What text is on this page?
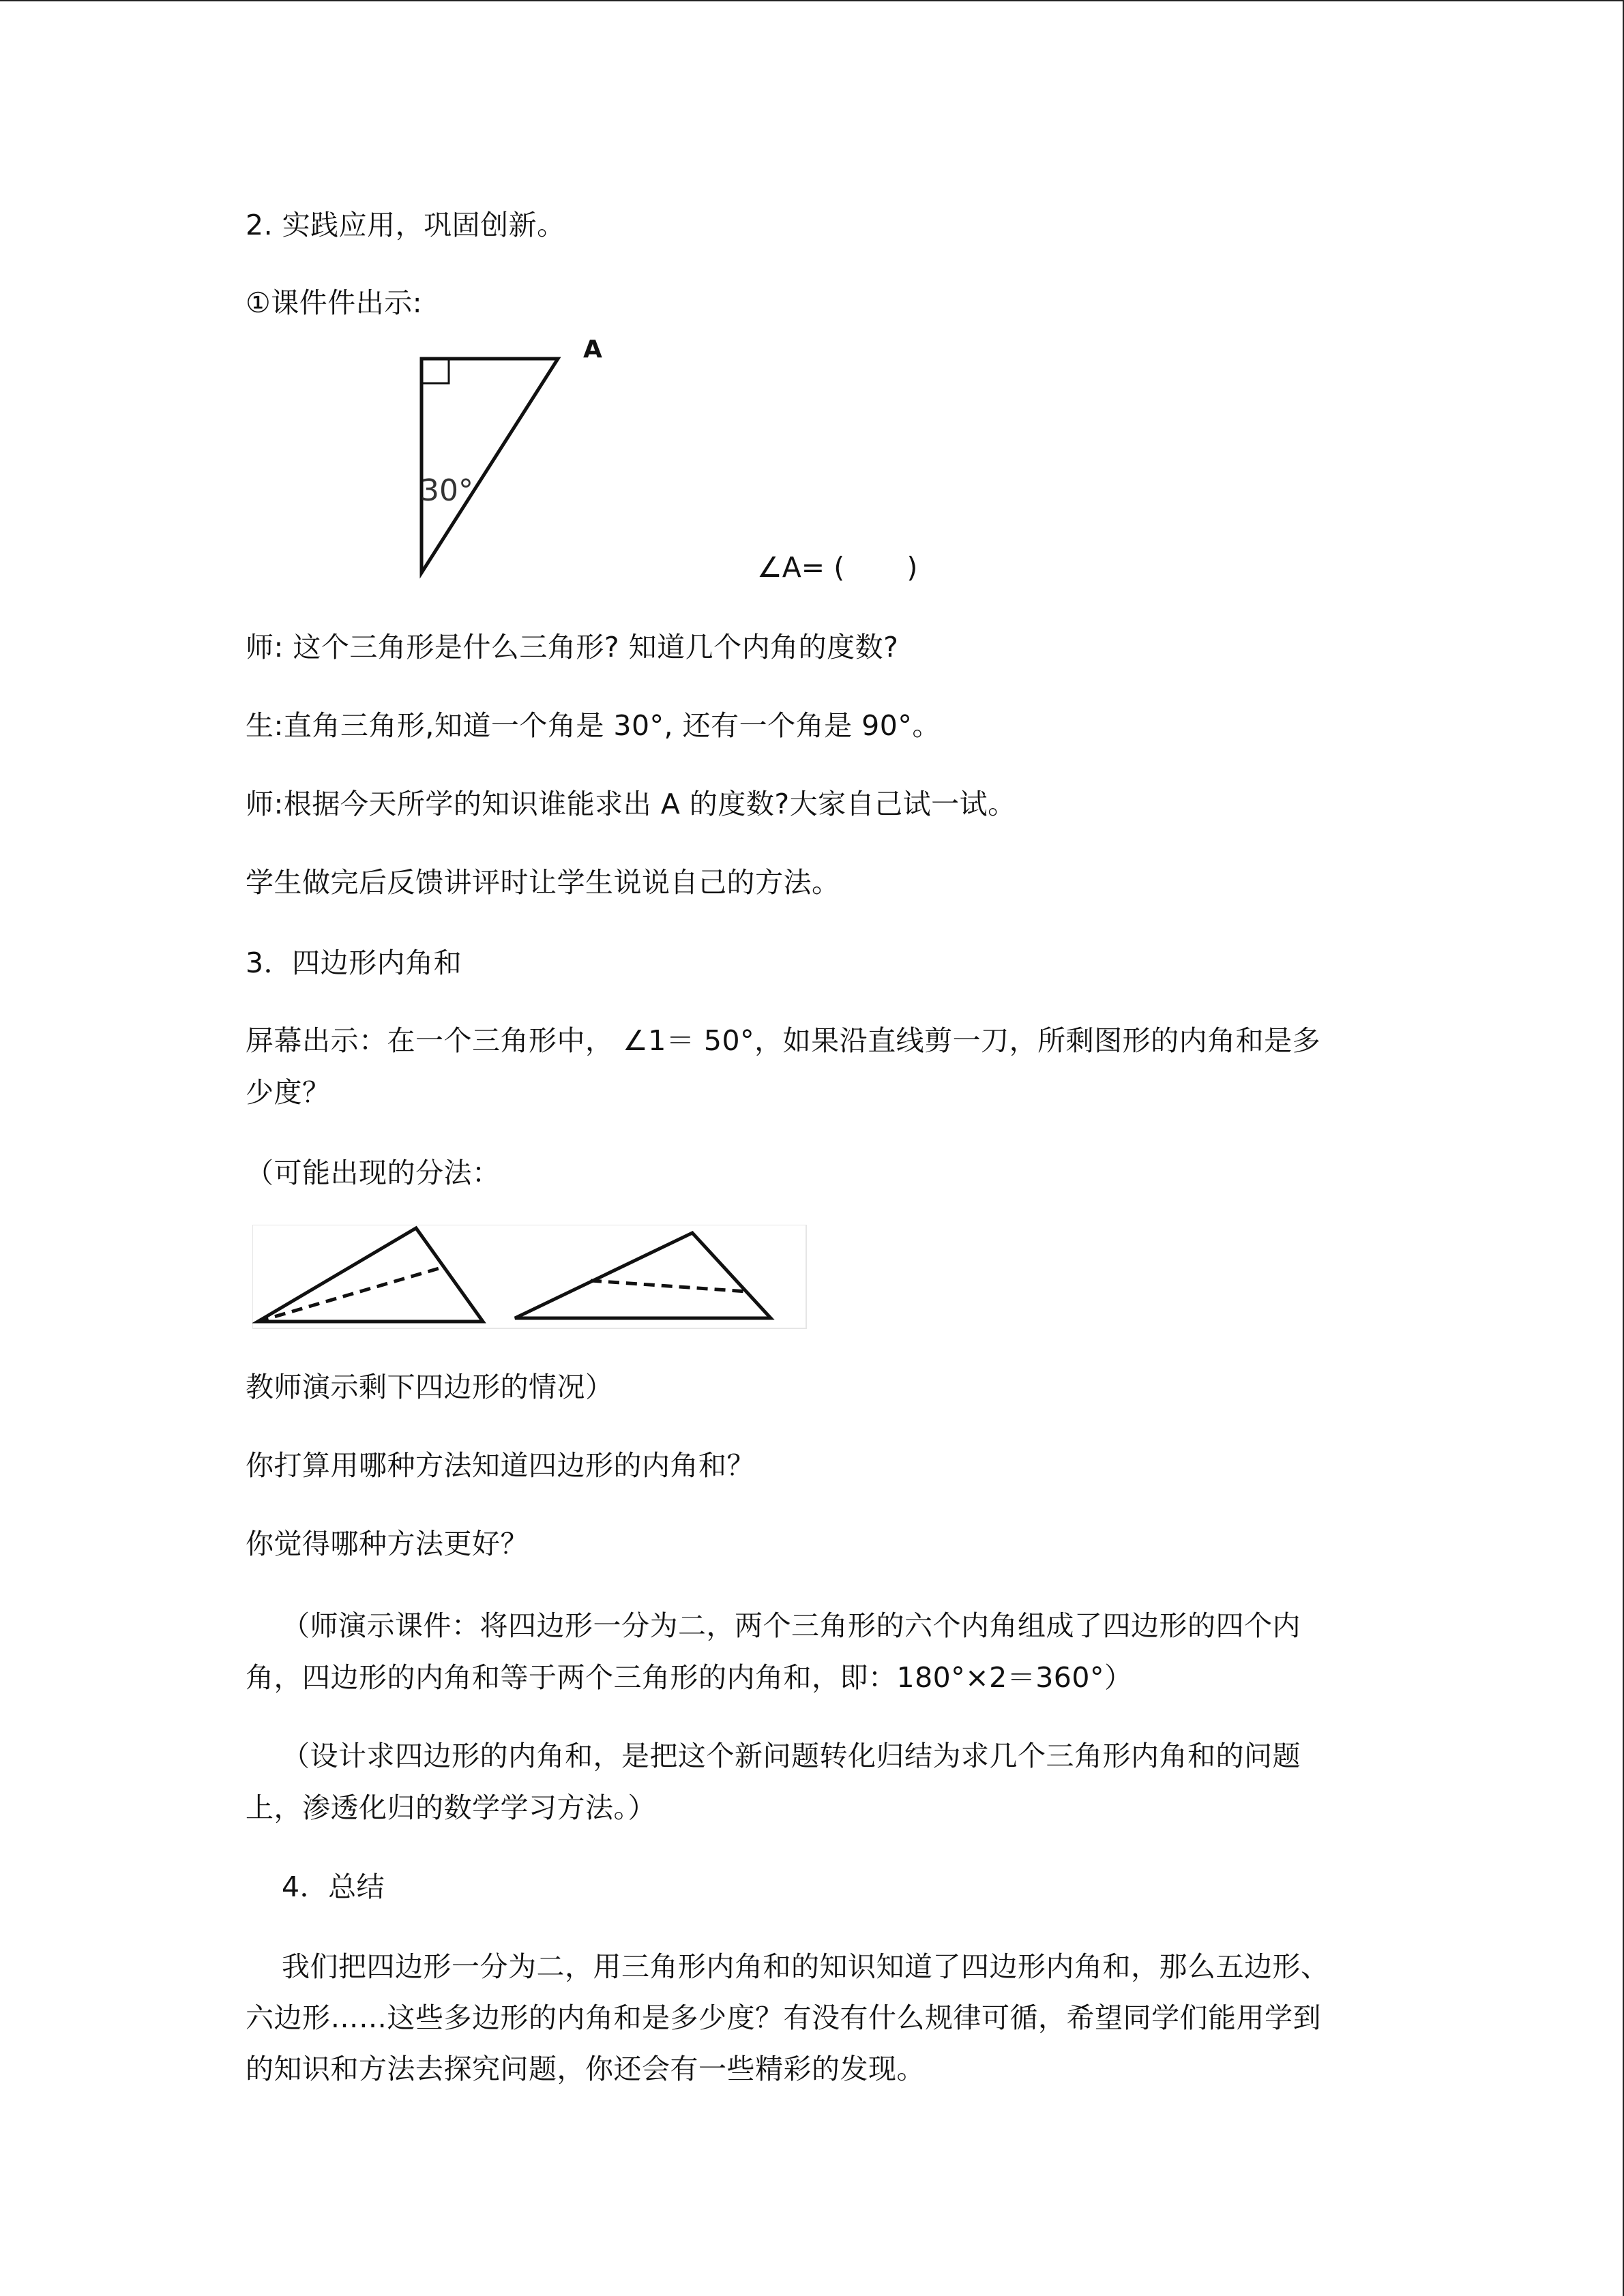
2. 实践应用，巩固创新。
①课件件出示:
A
30°
∠A= (       )
师: 这个三角形是什么三角形? 知道几个内角的度数?
生:直角三角形,知道一个角是 30°, 还有一个角是 90°。
师:根据今天所学的知识谁能求出 A 的度数?大家自己试一试。
学生做完后反馈讲评时让学生说说自己的方法。
3．四边形内角和
屏幕出示：在一个三角形中， ∠1＝ 50°，如果沿直线剪一刀，所剩图形的内角和是多
少度？
（可能出现的分法：
教师演示剩下四边形的情况）
你打算用哪种方法知道四边形的内角和？
你觉得哪种方法更好？
（师演示课件：将四边形一分为二，两个三角形的六个内角组成了四边形的四个内
角，四边形的内角和等于两个三角形的内角和，即：180°×2＝360°）
（设计求四边形的内角和，是把这个新问题转化归结为求几个三角形内角和的问题
上，渗透化归的数学学习方法。）
4．总结
我们把四边形一分为二，用三角形内角和的知识知道了四边形内角和，那么五边形、
六边形……这些多边形的内角和是多少度？有没有什么规律可循，希望同学们能用学到
的知识和方法去探究问题，你还会有一些精彩的发现。
